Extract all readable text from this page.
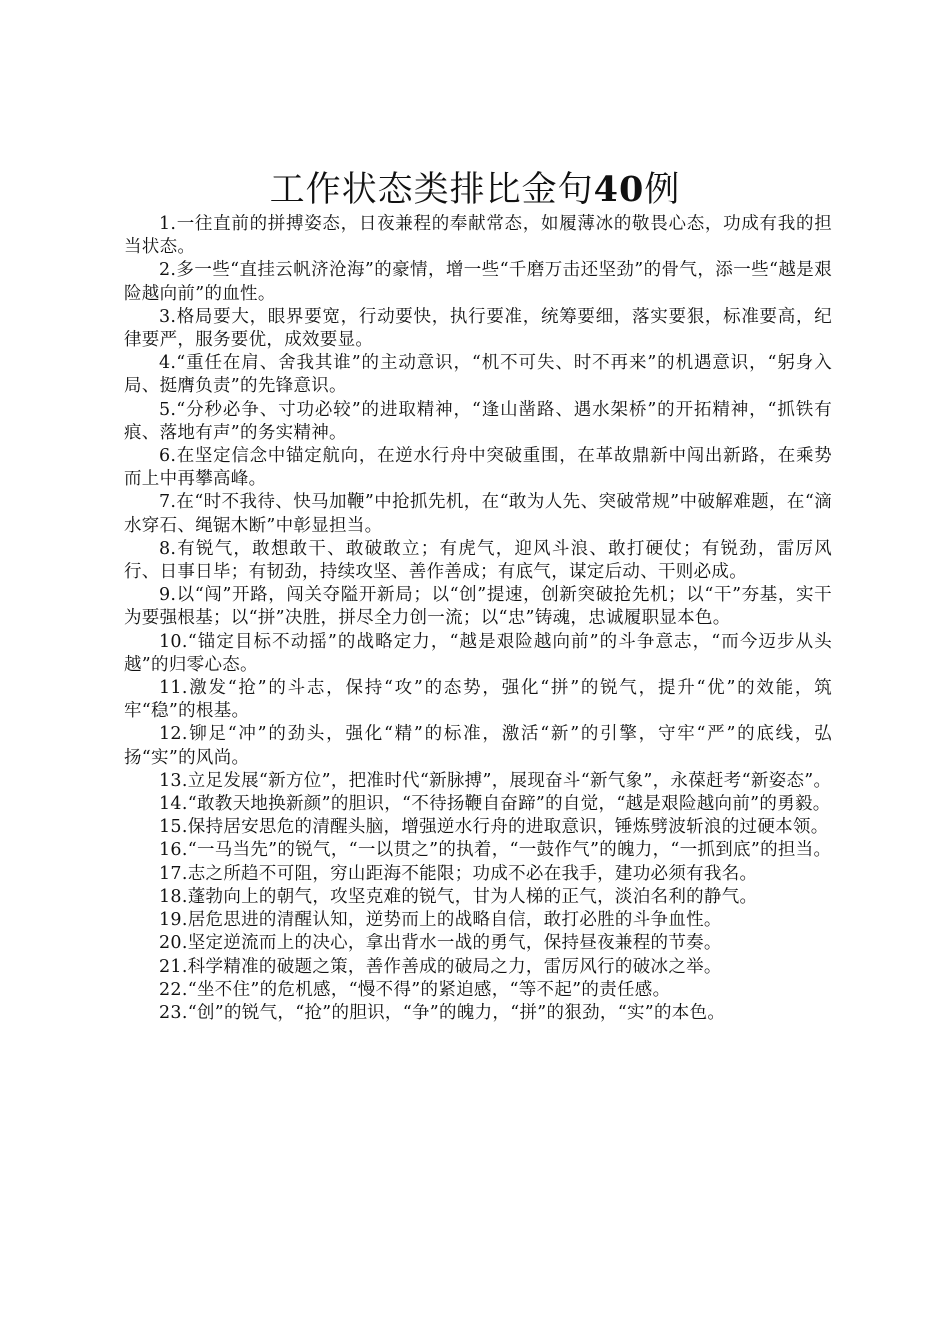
工作状态类排比金句40例

1.一往直前的拼搏姿态，日夜兼程的奉献常态，如履薄冰的敬畏心态，功成有我的担当状态。

2.多一些“直挂云帆济沧海”的豪情，增一些“千磨万击还坚劲”的骨气，添一些“越是艰险越向前”的血性。

3.格局要大，眼界要宽，行动要快，执行要准，统筹要细，落实要狠，标准要高，纪律要严，服务要优，成效要显。

4.“重任在肩、舍我其谁”的主动意识，“机不可失、时不再来”的机遇意识，“躬身入局、挺膺负责”的先锋意识。

5.“分秒必争、寸功必较”的进取精神，“逢山凿路、遇水架桥”的开拓精神，“抓铁有痕、落地有声”的务实精神。

6.在坚定信念中锚定航向，在逆水行舟中突破重围，在革故鼎新中闯出新路，在乘势而上中再攀高峰。

7.在“时不我待、快马加鞭”中抢抓先机，在“敢为人先、突破常规”中破解难题，在“滴水穿石、绳锯木断”中彰显担当。

8.有锐气，敢想敢干、敢破敢立；有虎气，迎风斗浪、敢打硬仗；有锐劲，雷厉风行、日事日毕；有韧劲，持续攻坚、善作善成；有底气，谋定后动、干则必成。

9.以“闯”开路，闯关夺隘开新局；以“创”提速，创新突破抢先机；以“干”夯基，实干为要强根基；以“拼”决胜，拼尽全力创一流；以“忠”铸魂，忠诚履职显本色。

10.“锚定目标不动摇”的战略定力，“越是艰险越向前”的斗争意志，“而今迈步从头越”的归零心态。

11.激发“抢”的斗志，保持“攻”的态势，强化“拼”的锐气，提升“优”的效能，筑牢“稳”的根基。

12.铆足“冲”的劲头，强化“精”的标准，激活“新”的引擎，守牢“严”的底线，弘扬“实”的风尚。

13.立足发展“新方位”，把准时代“新脉搏”，展现奋斗“新气象”，永葆赶考“新姿态”。

14.“敢教天地换新颜”的胆识，“不待扬鞭自奋蹄”的自觉，“越是艰险越向前”的勇毅。

15.保持居安思危的清醒头脑，增强逆水行舟的进取意识，锤炼劈波斩浪的过硬本领。

16.“一马当先”的锐气，“一以贯之”的执着，“一鼓作气”的魄力，“一抓到底”的担当。

17.志之所趋不可阻，穷山距海不能限；功成不必在我手，建功必须有我名。

18.蓬勃向上的朝气，攻坚克难的锐气，甘为人梯的正气，淡泊名利的静气。

19.居危思进的清醒认知，逆势而上的战略自信，敢打必胜的斗争血性。

20.坚定逆流而上的决心，拿出背水一战的勇气，保持昼夜兼程的节奏。

21.科学精准的破题之策，善作善成的破局之力，雷厉风行的破冰之举。

22.“坐不住”的危机感，“慢不得”的紧迫感，“等不起”的责任感。

23.“创”的锐气，“抢”的胆识，“争”的魄力，“拼”的狠劲，“实”的本色。
